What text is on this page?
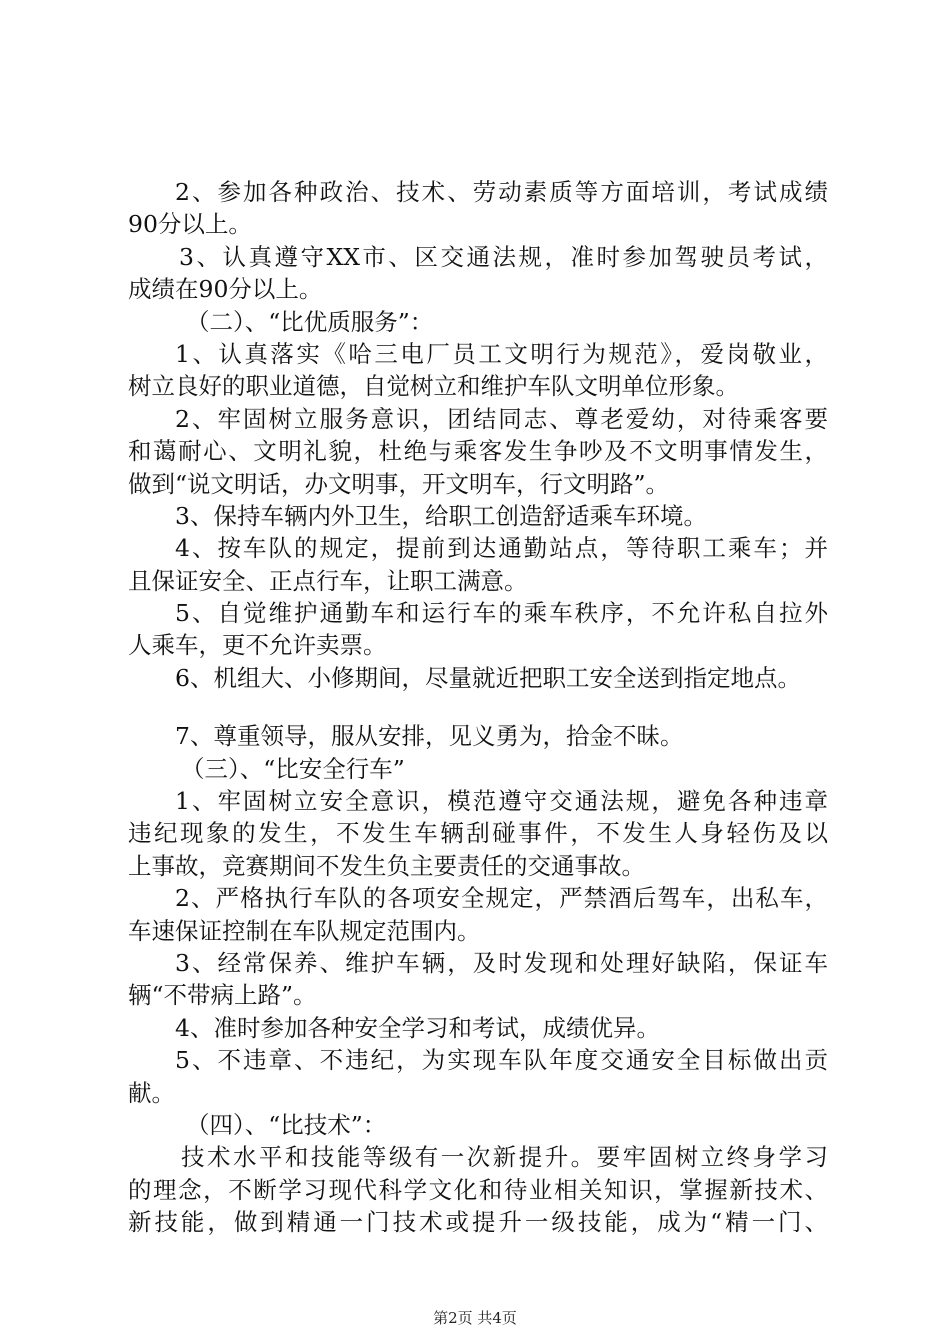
2、参加各种政治、技术、劳动素质等方面培训，考试成绩
90分以上。
3、认真遵守XX市、区交通法规，准时参加驾驶员考试，
成绩在90分以上。
（二）、“比优质服务”：
1、认真落实《哈三电厂员工文明行为规范》，爱岗敬业，
树立良好的职业道德，自觉树立和维护车队文明单位形象。
2、牢固树立服务意识，团结同志、尊老爱幼，对待乘客要
和蔼耐心、文明礼貌，杜绝与乘客发生争吵及不文明事情发生，
做到“说文明话，办文明事，开文明车，行文明路”。
3、保持车辆内外卫生，给职工创造舒适乘车环境。
4、按车队的规定，提前到达通勤站点，等待职工乘车；并
且保证安全、正点行车，让职工满意。
5、自觉维护通勤车和运行车的乘车秩序，不允许私自拉外
人乘车，更不允许卖票。
6、机组大、小修期间，尽量就近把职工安全送到指定地点。
7、尊重领导，服从安排，见义勇为，拾金不昧。
（三）、“比安全行车”
1、牢固树立安全意识，模范遵守交通法规，避免各种违章
违纪现象的发生，不发生车辆刮碰事件，不发生人身轻伤及以
上事故，竞赛期间不发生负主要责任的交通事故。
2、严格执行车队的各项安全规定，严禁酒后驾车，出私车，
车速保证控制在车队规定范围内。
3、经常保养、维护车辆，及时发现和处理好缺陷，保证车
辆“不带病上路”。
4、准时参加各种安全学习和考试，成绩优异。
5、不违章、不违纪，为实现车队年度交通安全目标做出贡
献。
（四）、“比技术”：
技术水平和技能等级有一次新提升。要牢固树立终身学习
的理念，不断学习现代科学文化和待业相关知识，掌握新技术、
新技能，做到精通一门技术或提升一级技能，成为“精一门、
第2页 共4页
